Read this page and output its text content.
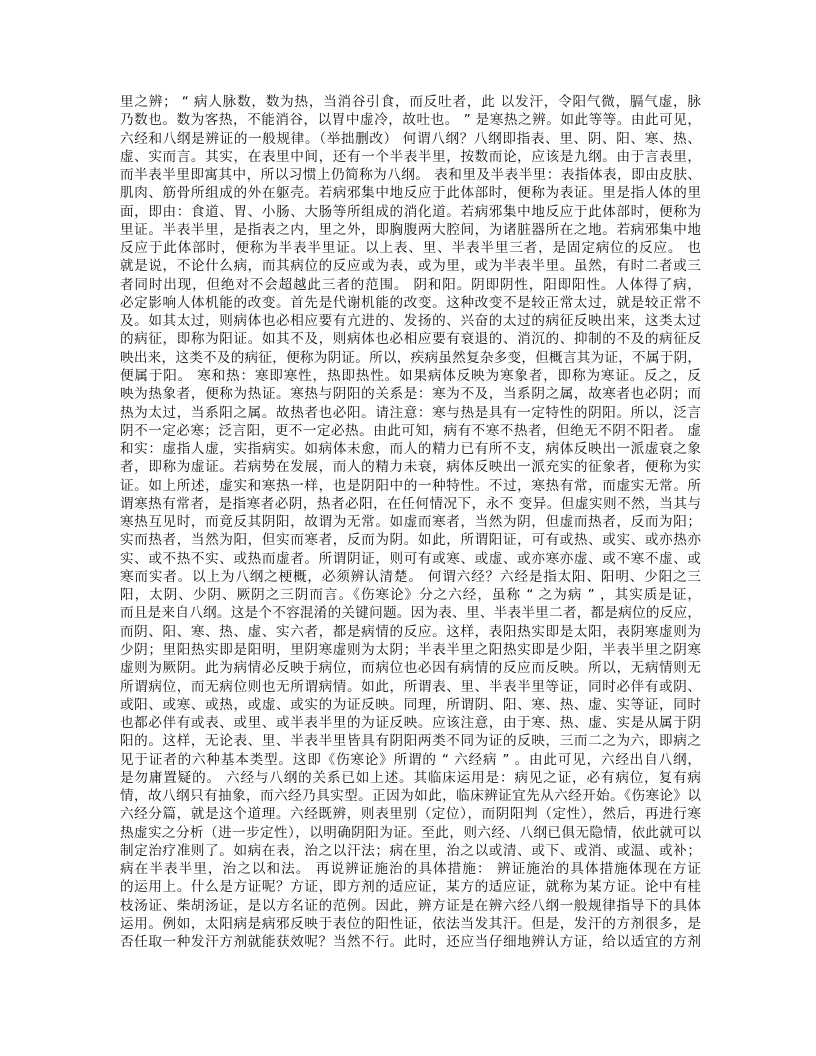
里之辨； “ 病人脉数，数为热，当消谷引食，而反吐者，此 以发汗，令阳气微，膈气虚，脉
乃数也。数为客热，不能消谷，以胃中虚冷，故吐也。 ” 是寒热之辨。如此等等。由此可见，
六经和八纲是辨证的一般规律。（举拙删改） 何谓八纲？八纲即指表、里、阴、阳、寒、热、
虚、实而言。其实，在表里中间，还有一个半表半里，按数而论，应该是九纲。由于言表里，
而半表半里即寓其中，所以习惯上仍简称为八纲。 表和里及半表半里：表指体表，即由皮肤、
肌肉、筋骨所组成的外在躯壳。若病邪集中地反应于此体部时，便称为表证。里是指人体的里
面，即由：食道、胃、小肠、大肠等所组成的消化道。若病邪集中地反应于此体部时，便称为
里证。半表半里，是指表之内，里之外，即胸腹两大腔间，为诸脏器所在之地。若病邪集中地
反应于此体部时，便称为半表半里证。以上表、里、半表半里三者，是固定病位的反应。 也
就是说，不论什么病，而其病位的反应或为表，或为里，或为半表半里。虽然，有时二者或三
者同时出现，但绝对不会超越此三者的范围。 阴和阳。阴即阴性，阳即阳性。人体得了病，
必定影响人体机能的改变。首先是代谢机能的改变。这种改变不是较正常太过，就是较正常不
及。如其太过，则病体也必相应要有亢进的、发扬的、兴奋的太过的病征反映出来，这类太过
的病征，即称为阳证。如其不及，则病体也必相应要有衰退的、消沉的、抑制的不及的病征反
映出来，这类不及的病征，便称为阴证。所以，疾病虽然复杂多变，但概言其为证，不属于阴，
便属于阳。 寒和热：寒即寒性，热即热性。如果病体反映为寒象者，即称为寒证。反之，反
映为热象者，便称为热证。寒热与阴阳的关系是：寒为不及，当系阴之属，故寒者也必阴；而
热为太过，当系阳之属。故热者也必阳。请注意：寒与热是具有一定特性的阴阳。所以，泛言
阴不一定必寒；泛言阳，更不一定必热。由此可知，病有不寒不热者，但绝无不阴不阳者。 虚
和实：虚指人虚，实指病实。如病体未愈，而人的精力已有所不支，病体反映出一派虚衰之象
者，即称为虚证。若病势在发展，而人的精力未衰，病体反映出一派充实的征象者，便称为实
证。如上所述，虚实和寒热一样，也是阴阳中的一种特性。不过，寒热有常，而虚实无常。所
谓寒热有常者，是指寒者必阴，热者必阳，在任何情况下，永不 变异。但虚实则不然，当其与
寒热互见时，而竟反其阴阳，故谓为无常。如虚而寒者，当然为阴，但虚而热者，反而为阳；
实而热者，当然为阳，但实而寒者，反而为阴。如此，所谓阳证，可有或热、或实、或亦热亦
实、或不热不实、或热而虚者。所谓阴证，则可有或寒、或虚、或亦寒亦虚、或不寒不虚、或
寒而实者。以上为八纲之梗概，必须辨认清楚。 何谓六经？六经是指太阳、阳明、少阳之三
阳，太阴、少阴、厥阴之三阴而言。《伤寒论》分之六经，虽称 “ 之为病 ” ，其实质是证，
而且是来自八纲。这是个不容混淆的关键问题。因为表、里、半表半里二者，都是病位的反应，
而阴、阳、寒、热、虚、实六者，都是病情的反应。这样，表阳热实即是太阳，表阴寒虚则为
少阴；里阳热实即是阳明，里阴寒虚则为太阴；半表半里之阳热实即是少阳，半表半里之阴寒
虚则为厥阴。此为病情必反映于病位，而病位也必因有病情的反应而反映。所以，无病情则无
所谓病位，而无病位则也无所谓病情。如此，所谓表、里、半表半里等证，同时必伴有或阴、
或阳、或寒、或热，或虚、或实的为证反映。同理，所谓阴、阳、寒、热、虚、实等证，同时
也都必伴有或表、或里、或半表半里的为证反映。应该注意，由于寒、热、虚、实是从属于阴
阳的。这样，无论表、里、半表半里皆具有阴阳两类不同为证的反映，三而二之为六，即病之
见于证者的六种基本类型。这即《伤寒论》所谓的 “ 六经病 ” 。由此可见，六经出自八纲，
是勿庸置疑的。 六经与八纲的关系已如上述。其临床运用是：病见之证，必有病位，复有病
情，故八纲只有抽象，而六经乃具实型。正因为如此，临床辨证宜先从六经开始。《伤寒论》以
六经分篇，就是这个道理。六经既辨，则表里别（定位），而阴阳判（定性），然后，再进行寒
热虚实之分析（进一步定性），以明确阴阳为证。至此，则六经、八纲已俱无隐情，依此就可以
制定治疗准则了。如病在表，治之以汗法；病在里，治之以或清、或下、或消、或温、或补；
病在半表半里，治之以和法。 再说辨证施治的具体措施： 辨证施治的具体措施体现在方证
的运用上。什么是方证呢？方证，即方剂的适应证，某方的适应证，就称为某方证。论中有桂
枝汤证、柴胡汤证，是以方名证的范例。因此，辨方证是在辨六经八纲一般规律指导下的具体
运用。例如，太阳病是病邪反映于表位的阳性证，依法当发其汗。但是，发汗的方剂很多，是
否任取一种发汗方剂就能获效呢？当然不行。此时，还应当仔细地辨认方证，给以适宜的方剂
